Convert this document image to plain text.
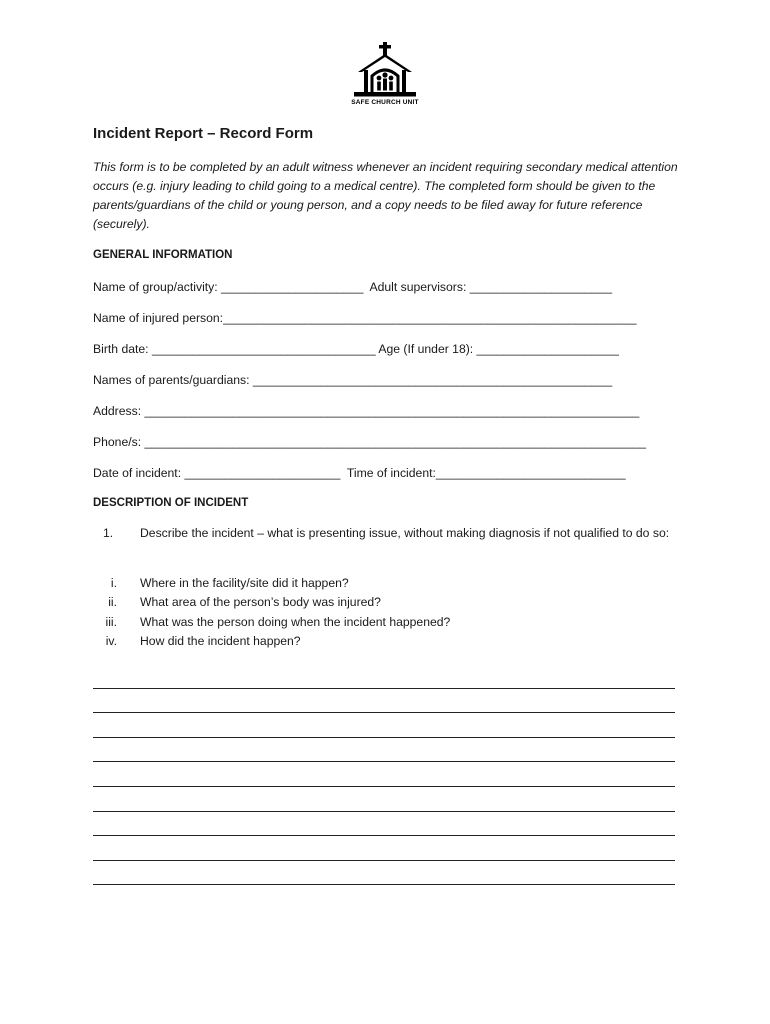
SAFE CHURCH UNIT
Incident Report – Record Form

This form is to be completed by an adult witness whenever an incident requiring secondary medical attention occurs (e.g. injury leading to child going to a medical centre). The completed form should be given to the parents/guardians of the child or young person, and a copy needs to be filed away for future reference (securely).

GENERAL INFORMATION

Name of group/activity: _____________________  Adult supervisors: _____________________

Name of injured person:_____________________________________________________________

Birth date: _________________________________ Age (If under 18): _____________________

Names of parents/guardians: _____________________________________________________

Address: _________________________________________________________________________

Phone/s: __________________________________________________________________________

Date of incident: _______________________  Time of incident:____________________________

DESCRIPTION OF INCIDENT

1. Describe the incident – what is presenting issue, without making diagnosis if not qualified to do so:

i. Where in the facility/site did it happen?
ii. What area of the person’s body was injured?
iii. What was the person doing when the incident happened?
iv. How did the incident happen?
